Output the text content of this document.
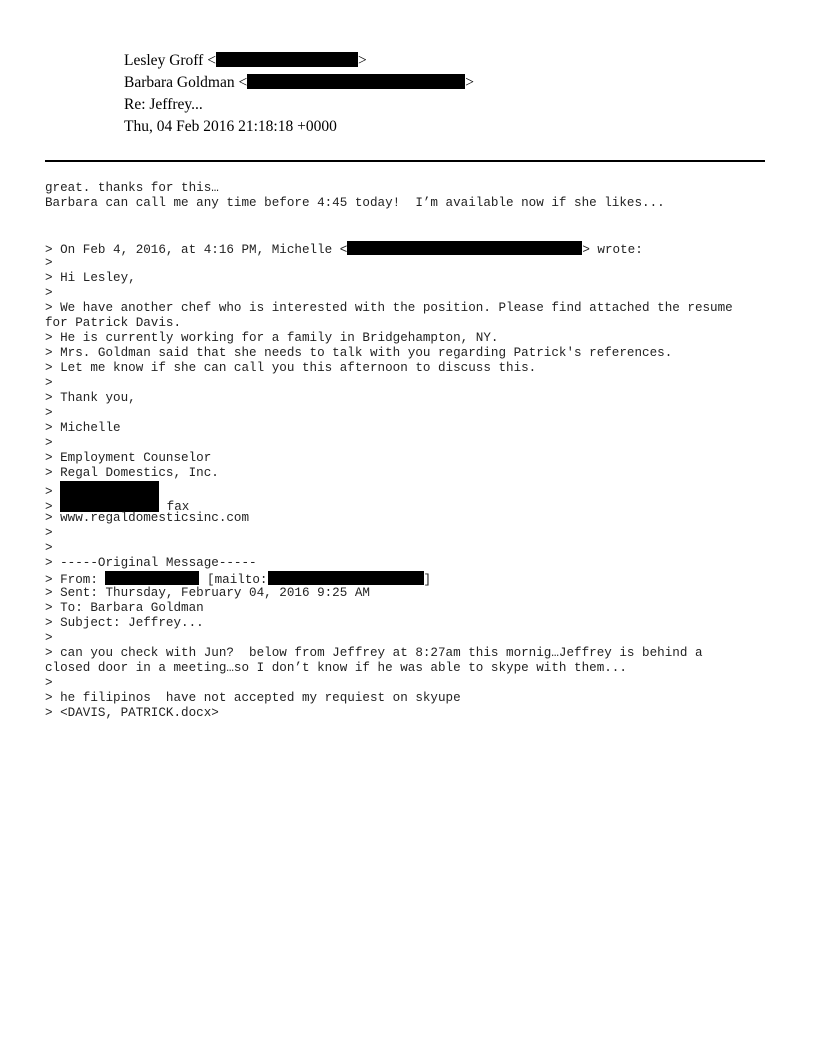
Lesley Groff <	>
Barbara Goldman <	>
Re: Jeffrey...
Thu, 04 Feb 2016 21:18:18 +0000
great. thanks for this…
Barbara can call me any time before 4:45 today!  I’m available now if she likes...
> On Feb 4, 2016, at 4:16 PM, Michelle <	> wrote:
>
> Hi Lesley,
>
> We have another chef who is interested with the position. Please find attached the resume
for Patrick Davis.
> He is currently working for a family in Bridgehampton, NY.
> Mrs. Goldman said that she needs to talk with you regarding Patrick's references.
> Let me know if she can call you this afternoon to discuss this.
>
> Thank you,
>
> Michelle
>
> Employment Counselor
> Regal Domestics, Inc.
>
>	fax
> www.regaldomesticsinc.com
>
>
> -----Original Message-----
> From:	[mailto:	]
> Sent: Thursday, February 04, 2016 9:25 AM
> To: Barbara Goldman
> Subject: Jeffrey...
>
> can you check with Jun?  below from Jeffrey at 8:27am this mornig…Jeffrey is behind a
closed door in a meeting…so I don’t know if he was able to skype with them...
>
> he filipinos  have not accepted my requiest on skyupe
> <DAVIS, PATRICK.docx>
